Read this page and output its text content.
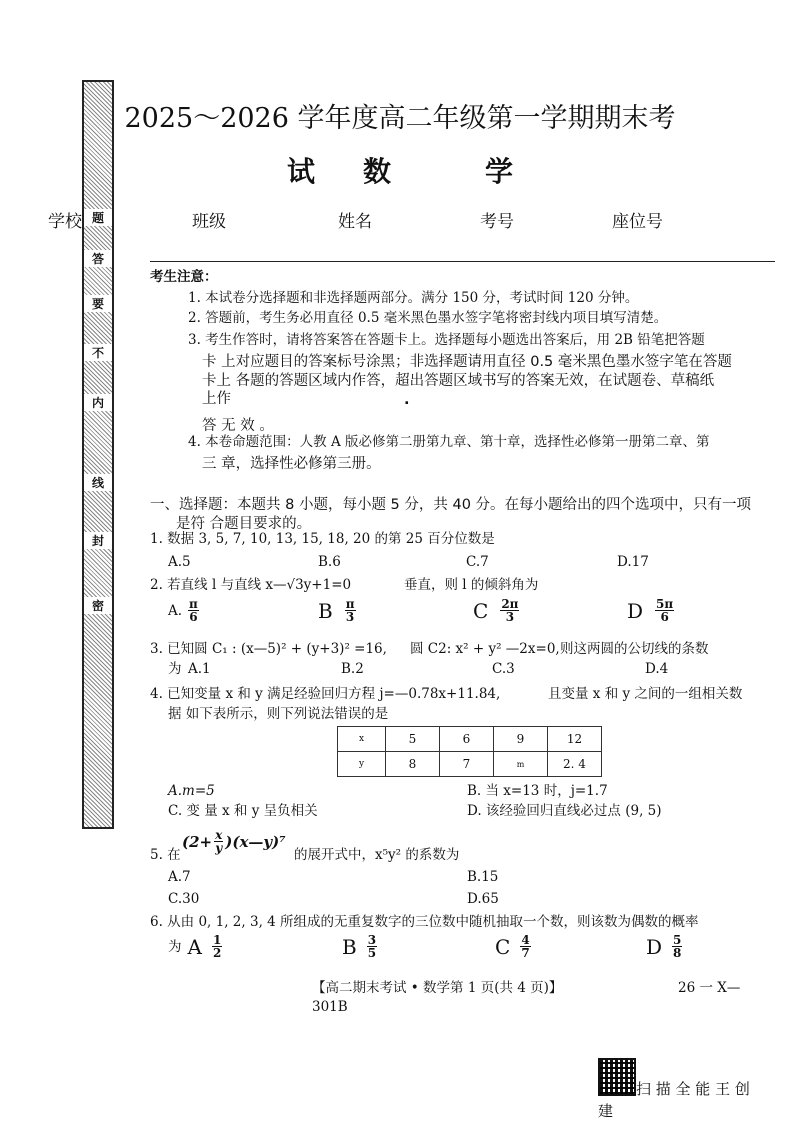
密
封
线
内
不
要
答
题
2025～2026 学年度高二年级第一学期期末考
试 数	学
学校	班级	姓名	考号	座位号
考生注意：
1. 本试卷分选择题和非选择题两部分。满分 150 分，考试时间 120 分钟。
2. 答题前，考生务必用直径 0.5 毫米黑色墨水签字笔将密封线内项目填写清楚。
3. 考生作答时，请将答案答在答题卡上。选择题每小题选出答案后，用 2B 铅笔把答题
卡 上对应题目的答案标号涂黑；非选择题请用直径 0.5 毫米黑色墨水签字笔在答题
卡上 各题的答题区域内作答，超出答题区域书写的答案无效，在试题卷、草稿纸
上作	.
答 无 效 。
4. 本卷命题范围：人教 A 版必修第二册第九章、第十章，选择性必修第一册第二章、第
三 章，选择性必修第三册。
一、选择题：本题共 8 小题，每小题 5 分，共 40 分。在每小题给出的四个选项中，只有一项
是符 合题目要求的。
1. 数据 3, 5, 7, 10, 13, 15, 18, 20 的第 25 百分位数是
A.5	B.6	C.7	D.17
2. 若直线 l 与直线 x—√3y+1=0	垂直，则 l 的倾斜角为
A. $\frac{\pi}{6}$	B $\frac{\pi}{3}$	C $\frac{2\pi}{3}$	D $\frac{5\pi}{6}$
3. 已知圆 C₁ : (x—5)² + (y+3)² =16, 圆 C2: x² + y² —2x=0, 则这两圆的公切线的条数
为 A.1	B.2	C.3	D.4
4. 已知变量 x 和 y 满足经验回归方程 j=—0.78x+11.84,	且变量 x 和 y 之间的一组相关数
据 如下表所示，则下列说法错误的是
x	5	6	9	12
y	8	7	m	2. 4
A.m=5	B. 当 x=13 时，j=1.7
C. 变 量 x 和 y 呈负相关	D. 该经验回归直线必过点 (9, 5)
5. 在
($2+ \frac{x}{y}$ )(x—y)⁷
的展开式中，x⁵y² 的系数为
A.7	B.15
C.30	D.65
6. 从由 0, 1, 2, 3, 4 所组成的无重复数字的三位数中随机抽取一个数，则该数为偶数的概率
为 A $\frac{1}{2}$	B $\frac{3}{5}$	C $\frac{4}{7}$	D $\frac{5}{8}$
【高二期末考试 • 数学第 1 页(共 4 页)】	26 一 X—
301B
扫 描 全 能 王 创
建
